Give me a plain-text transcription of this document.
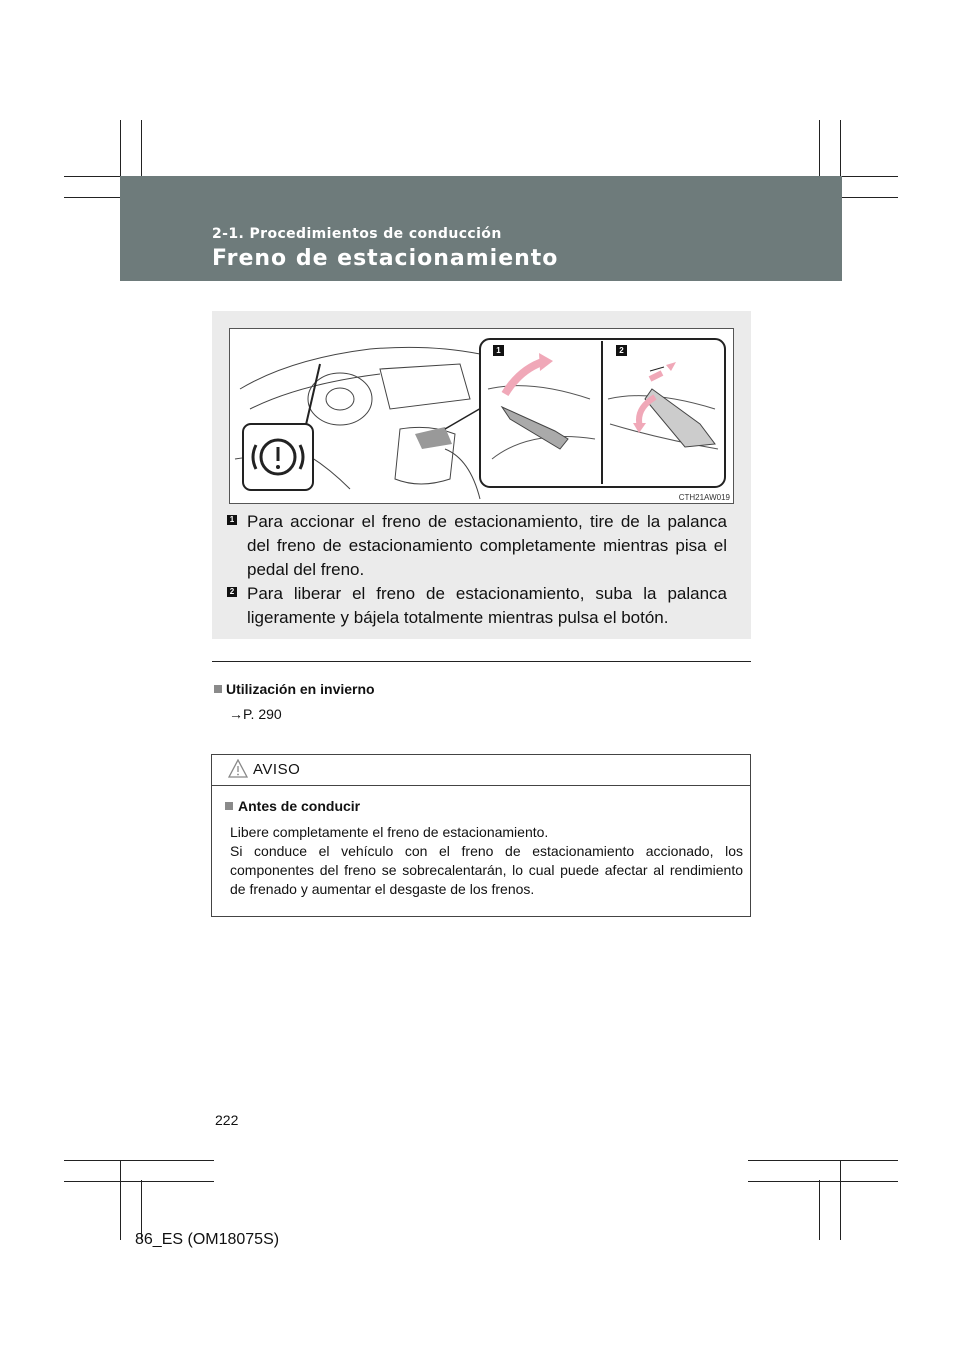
2-1. Procedimientos de conducción
Freno de estacionamiento
1	2
CTH21AW019
1 Para accionar el freno de estacionamiento, tire de la palanca del freno de estacionamiento completamente mientras pisa el pedal del freno.
2 Para liberar el freno de estacionamiento, suba la palanca ligeramente y bájela totalmente mientras pulsa el botón.
Utilización en invierno
→P. 290
AVISO
Antes de conducir

Libere completamente el freno de estacionamiento.

Si conduce el vehículo con el freno de estacionamiento accionado, los componentes del freno se sobrecalentarán, lo cual puede afectar al rendimiento de frenado y aumentar el desgaste de los frenos.

222
86_ES (OM18075S)
